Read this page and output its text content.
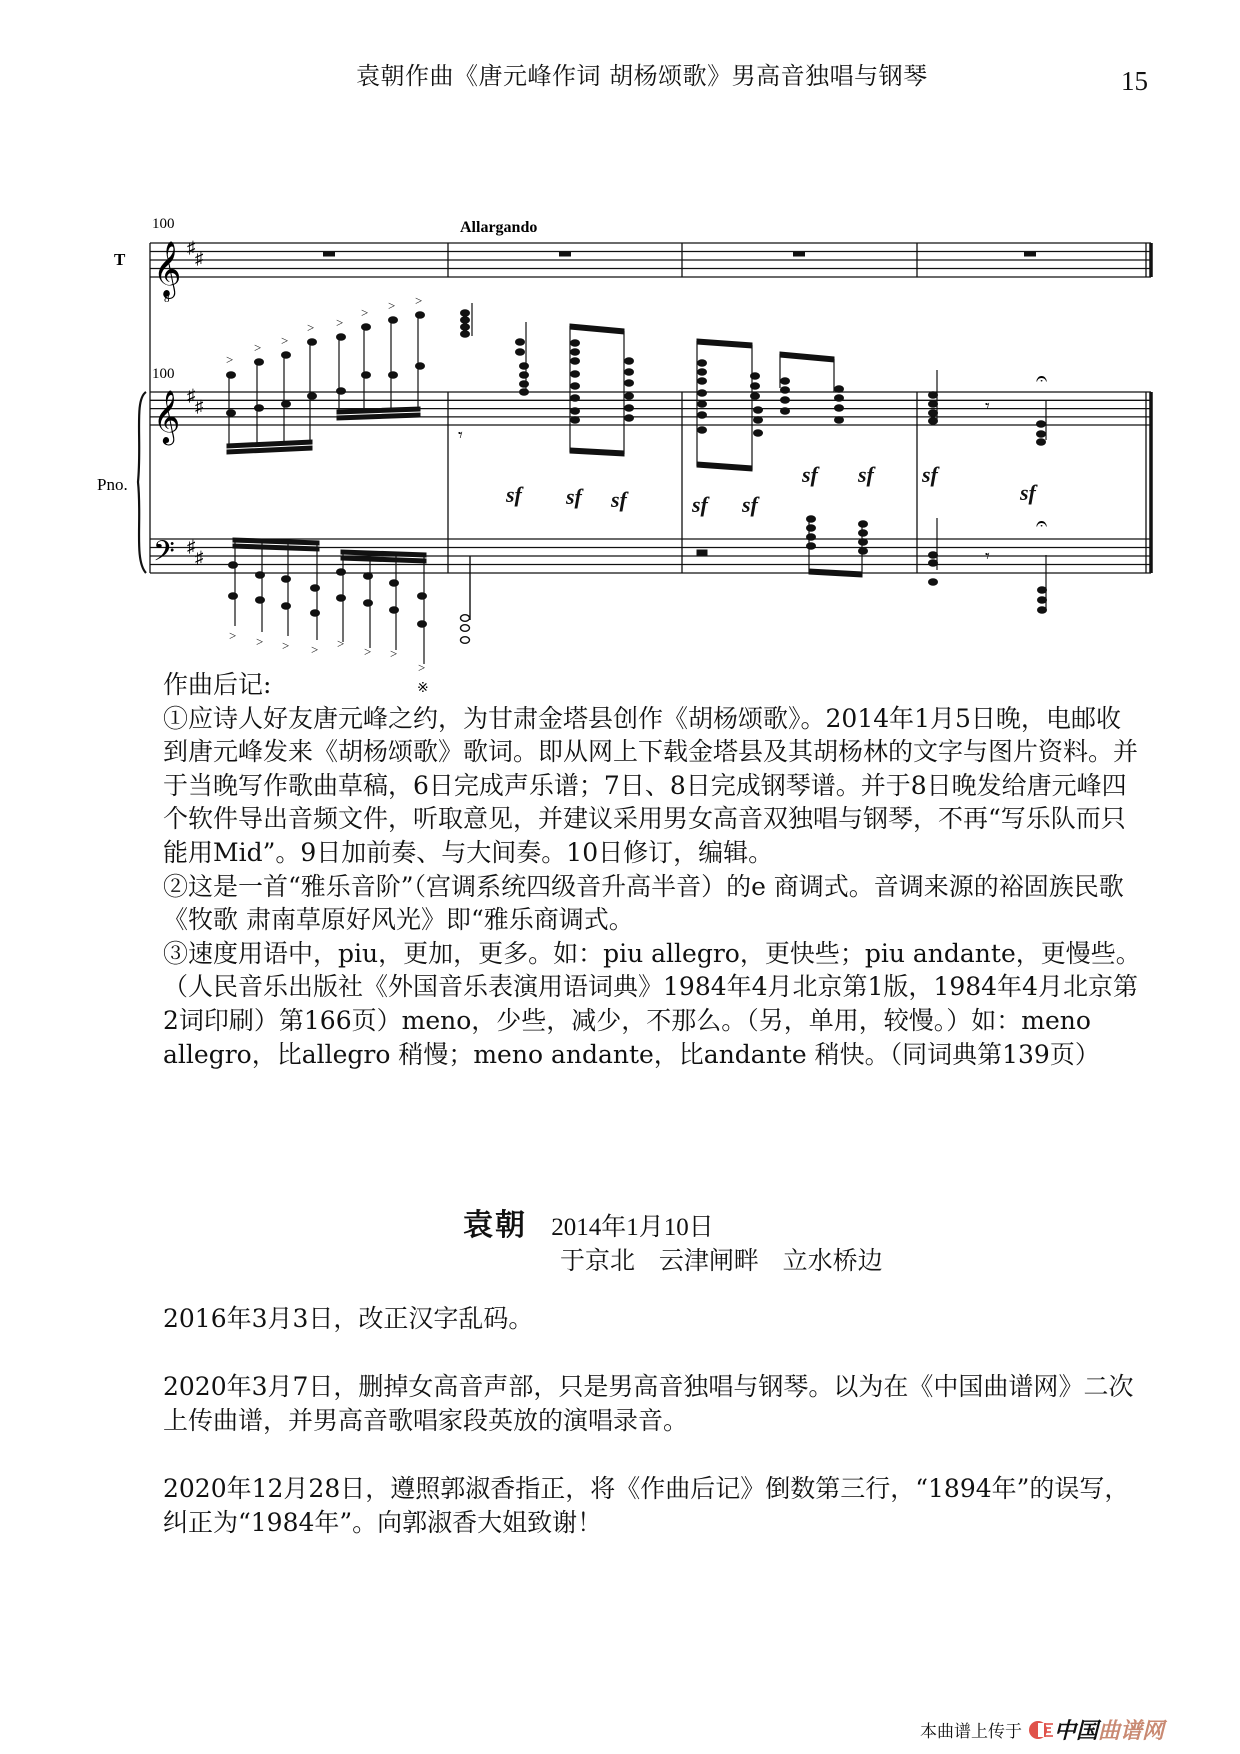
袁朝作曲《唐元峰作词 胡杨颂歌》男高音独唱与钢琴	15
T
100	Allargando
𝄞
8
♯
♯
Pno.
100
𝄞 ♯
♯
𝄢 ♯
♯
>
> >
> >
> > >
> > > > >
> >
>
※
𝄾
𝄾
𝄾
𝄐
𝄐
sf sf sf	sf sf
sf sf sf
sf

作曲后记:

①应诗人好友唐元峰之约，为甘肃金塔县创作《胡杨颂歌》。2014年1月5日晚，电邮收到唐元峰发来《胡杨颂歌》歌词。即从网上下载金塔县及其胡杨林的文字与图片资料。并于当晚写作歌曲草稿，6日完成声乐谱；7日、8日完成钢琴谱。并于8日晚发给唐元峰四个软件导出音频文件，听取意见，并建议采用男女高音双独唱与钢琴，不再“写乐队而只能用Mid”。9日加前奏、与大间奏。10日修订，编辑。

②这是一首“雅乐音阶”（宫调系统四级音升高半音）的e 商调式。音调来源的裕固族民歌《牧歌 肃南草原好风光》即“雅乐商调式。

③速度用语中，piu，更加，更多。如：piu allegro，更快些；piu andante，更慢些。（人民音乐出版社《外国音乐表演用语词典》1984年4月北京第1版，1984年4月北京第2词印刷）第166页）meno，少些，减少，不那么。（另，单用，较慢。）如：meno allegro，比allegro 稍慢；meno andante，比andante 稍快。（同词典第139页）

袁朝 2014年1月10日
于京北   云津闸畔   立水桥边

2016年3月3日，改正汉字乱码。

2020年3月7日，删掉女高音声部，只是男高音独唱与钢琴。以为在《中国曲谱网》二次上传曲谱，并男高音歌唱家段英放的演唱录音。

2020年12月28日，遵照郭淑香指正，将《作曲后记》倒数第三行，“1894年”的误写，纠正为“1984年”。向郭淑香大姐致谢！

本曲谱上传于 中国 曲谱网
